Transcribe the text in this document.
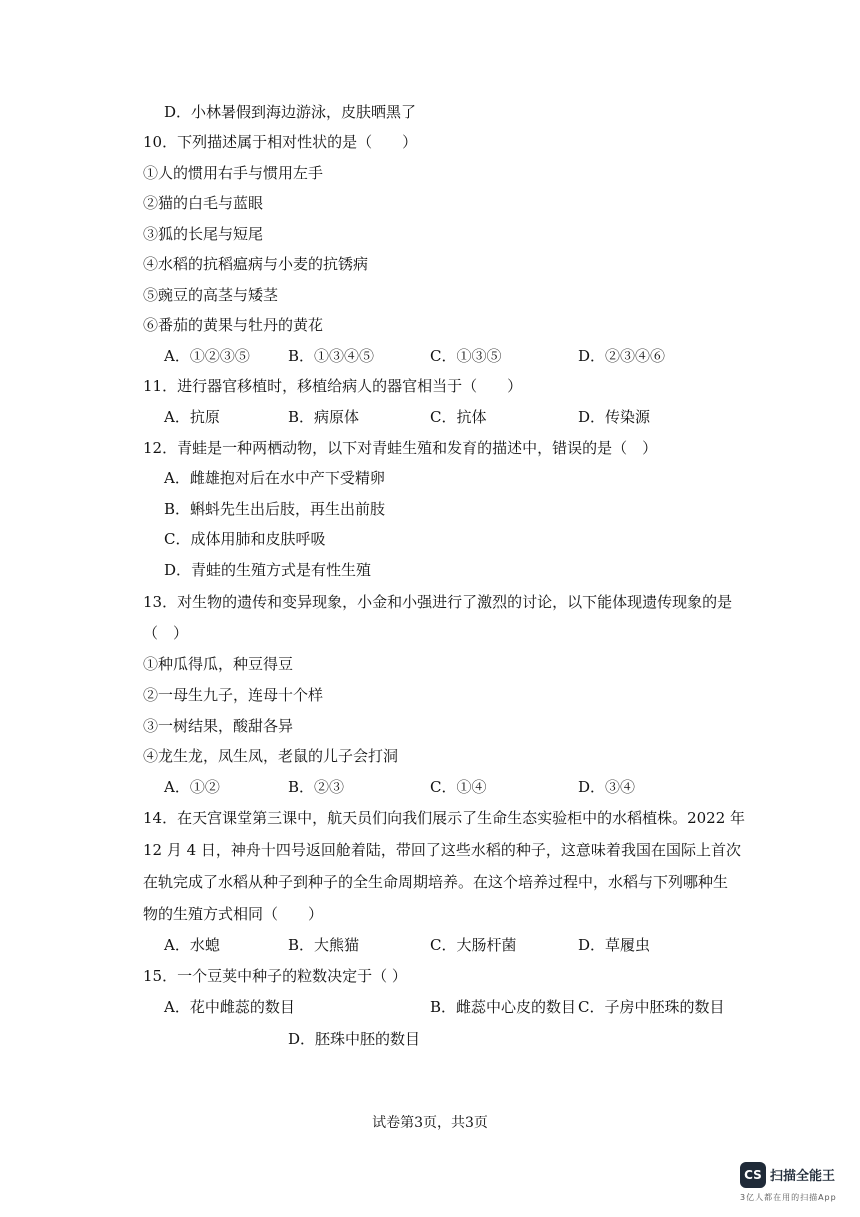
D．小林暑假到海边游泳，皮肤晒黑了
10．下列描述属于相对性状的是（　　）
①人的惯用右手与惯用左手
②猫的白毛与蓝眼
③狐的长尾与短尾
④水稻的抗稻瘟病与小麦的抗锈病
⑤豌豆的高茎与矮茎
⑥番茄的黄果与牡丹的黄花
A．①②③⑤	B．①③④⑤	C．①③⑤	D．②③④⑥
11．进行器官移植时，移植给病人的器官相当于（　　）
A．抗原	B．病原体	C．抗体	D．传染源
12．青蛙是一种两栖动物，以下对青蛙生殖和发育的描述中，错误的是（　）
A．雌雄抱对后在水中产下受精卵
B．蝌蚪先生出后肢，再生出前肢
C．成体用肺和皮肤呼吸
D．青蛙的生殖方式是有性生殖
13．对生物的遗传和变异现象，小金和小强进行了激烈的讨论，以下能体现遗传现象的是
（　）
①种瓜得瓜，种豆得豆
②一母生九子，连母十个样
③一树结果，酸甜各异
④龙生龙，凤生凤，老鼠的儿子会打洞
A．①②	B．②③	C．①④	D．③④
14．在天宫课堂第三课中，航天员们向我们展示了生命生态实验柜中的水稻植株。2022 年
12 月 4 日，神舟十四号返回舱着陆，带回了这些水稻的种子，这意味着我国在国际上首次
在轨完成了水稻从种子到种子的全生命周期培养。在这个培养过程中，水稻与下列哪种生
物的生殖方式相同（　　）
A．水螅	B．大熊猫	C．大肠杆菌	D．草履虫
15．一个豆荚中种子的粒数决定于（ ）
A．花中雌蕊的数目	B．雌蕊中心皮的数目 C．子房中胚珠的数目
D．胚珠中胚的数目
试卷第3页，共3页
CS 扫描全能王
3亿人都在用的扫描App
